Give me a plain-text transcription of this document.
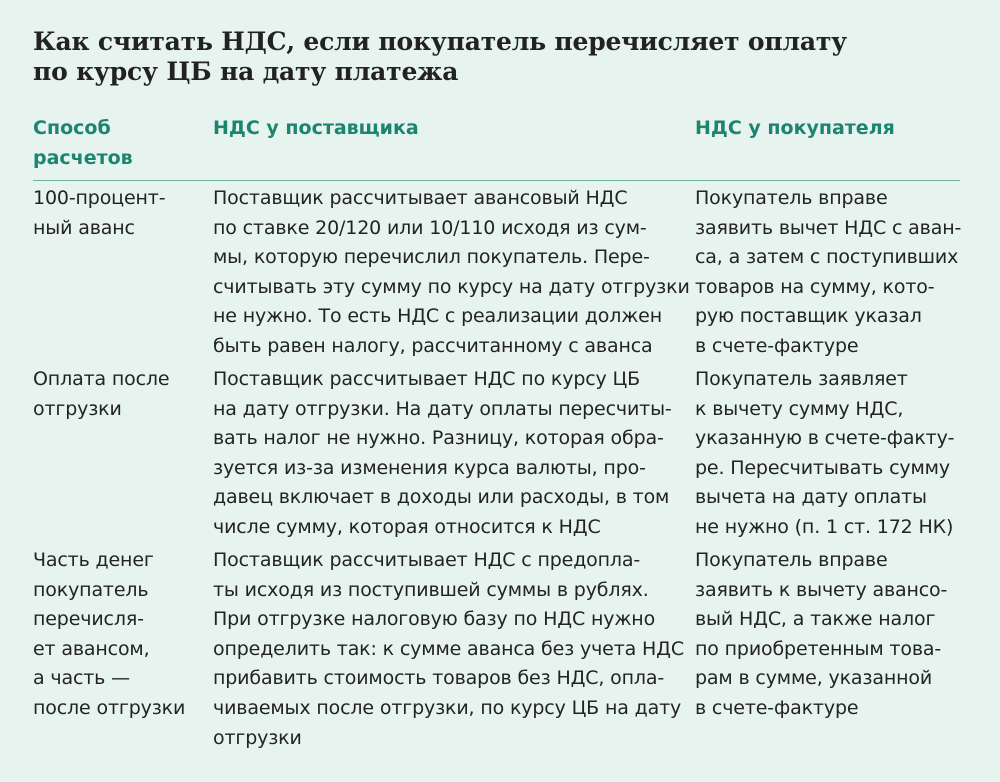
Как считать НДС, если покупатель перечисляет оплату
по курсу ЦБ на дату платежа
Способ
расчетов
НДС у поставщика	НДС у покупателя
100-процент-
ный аванс
Поставщик рассчитывает авансовый НДС
по ставке 20/120 или 10/110 исходя из сум-
мы, которую перечислил покупатель. Пере-
считывать эту сумму по курсу на дату отгрузки
не нужно. То есть НДС с реализации должен
быть равен налогу, рассчитанному с аванса
Покупатель вправе
заявить вычет НДС с аван-
са, а затем с поступивших
товаров на сумму, кото-
рую поставщик указал
в счете-фактуре
Оплата после
отгрузки
Поставщик рассчитывает НДС по курсу ЦБ
на дату отгрузки. На дату оплаты пересчиты-
вать налог не нужно. Разницу, которая обра-
зуется из-за изменения курса валюты, про-
давец включает в доходы или расходы, в том
числе сумму, которая относится к НДС
Покупатель заявляет
к вычету сумму НДС,
указанную в счете-факту-
ре. Пересчитывать сумму
вычета на дату оплаты
не нужно (п. 1 ст. 172 НК)
Часть денег
покупатель
перечисля-
ет авансом,
а часть —
после отгрузки
Поставщик рассчитывает НДС с предопла-
ты исходя из поступившей суммы в рублях.
При отгрузке налоговую базу по НДС нужно
определить так: к сумме аванса без учета НДС
прибавить стоимость товаров без НДС, опла-
чиваемых после отгрузки, по курсу ЦБ на дату
отгрузки
Покупатель вправе
заявить к вычету авансо-
вый НДС, а также налог
по приобретенным това-
рам в сумме, указанной
в счете-фактуре
